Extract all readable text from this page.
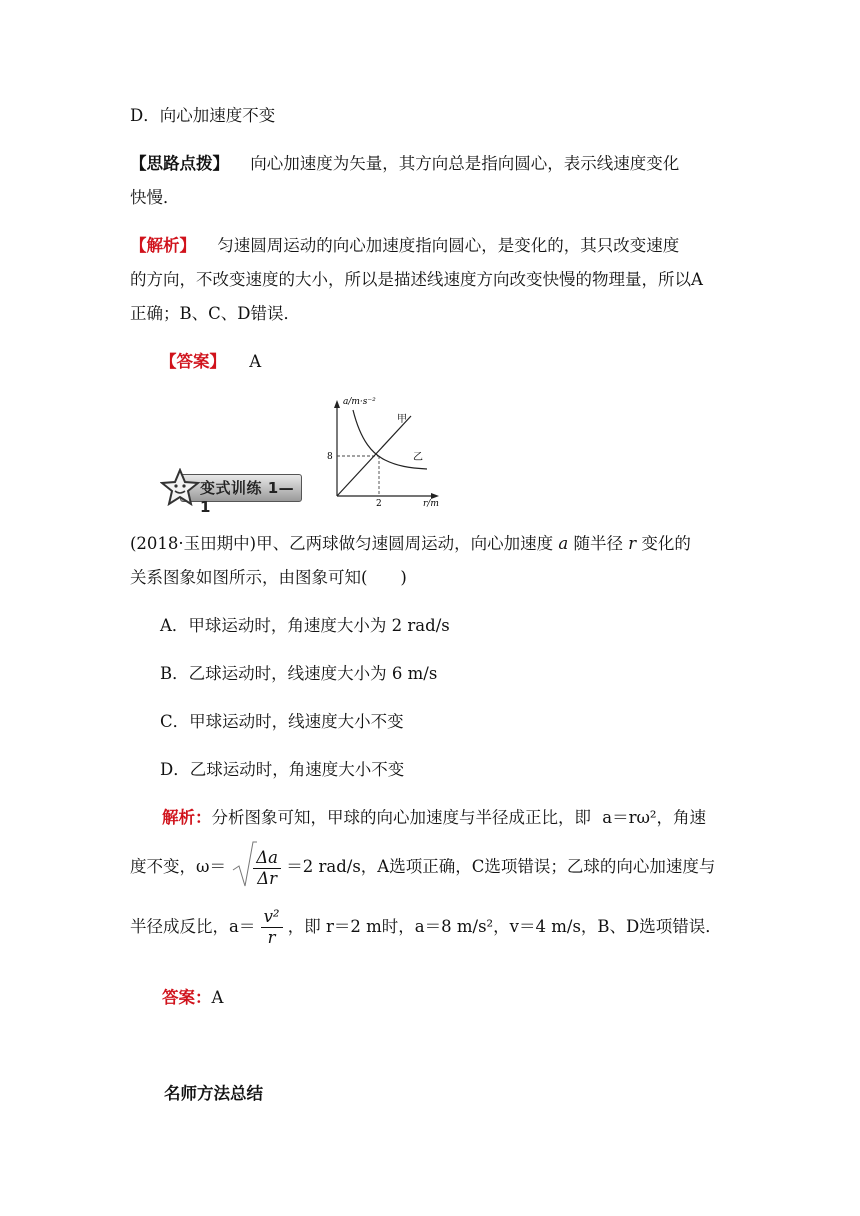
D．向心加速度不变
【思路点拨】 向心加速度为矢量，其方向总是指向圆心，表示线速度变化
快慢．
【解析】 匀速圆周运动的向心加速度指向圆心，是变化的，其只改变速度
的方向，不改变速度的大小，所以是描述线速度方向改变快慢的物理量，所以A
正确；B、C、D错误．
【答案】 A
变式训练 1—1
a/m·s⁻²
r/m
8
2
甲
乙
(2018·玉田期中)甲、乙两球做匀速圆周运动，向心加速度 a 随半径 r 变化的
关系图象如图所示，由图象可知(　　)
A．甲球运动时，角速度大小为 2 rad/s
B．乙球运动时，线速度大小为 6 m/s
C．甲球运动时，线速度大小不变
D．乙球运动时，角速度大小不变
解析：分析图象可知，甲球的向心加速度与半径成正比，即 a＝rω²，角速
度不变，$\omega= \frac{\Delta a}{\Delta r} =2$ rad/s，A选项正确，C选项错误；乙球的向心加速度与
半径成反比，$a= \frac{\text{v²}}{r}$ ，即 r＝2 m时，a＝8 m/s²，v＝4 m/s，B、D选项错误．
答案：A
名师方法总结
